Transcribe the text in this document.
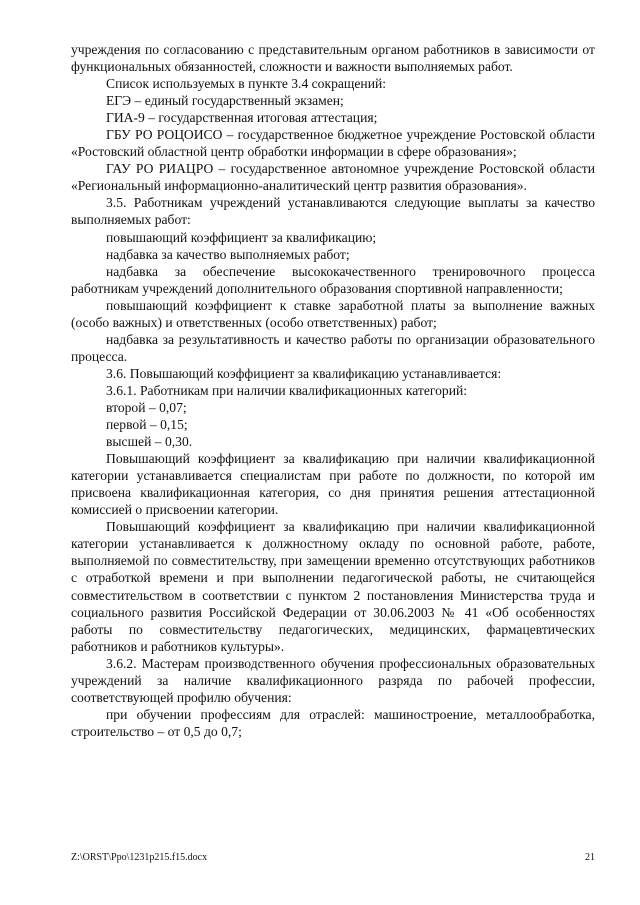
учреждения по согласованию с представительным органом работников в зависимости от функциональных обязанностей, сложности и важности выполняемых работ.

Список используемых в пункте 3.4 сокращений:

ЕГЭ – единый государственный экзамен;

ГИА-9 – государственная итоговая аттестация;

ГБУ РО РОЦОИСО – государственное бюджетное учреждение Ростовской области «Ростовский областной центр обработки информации в сфере образования»;

ГАУ РО РИАЦРО – государственное автономное учреждение Ростовской области «Региональный информационно-аналитический центр развития образования».

3.5. Работникам учреждений устанавливаются следующие выплаты за качество выполняемых работ:

повышающий коэффициент за квалификацию;

надбавка за качество выполняемых работ;

надбавка за обеспечение высококачественного тренировочного процесса работникам учреждений дополнительного образования спортивной направленности;

повышающий коэффициент к ставке заработной платы за выполнение важных (особо важных) и ответственных (особо ответственных) работ;

надбавка за результативность и качество работы по организации образовательного процесса.

3.6. Повышающий коэффициент за квалификацию устанавливается:

3.6.1. Работникам при наличии квалификационных категорий:

второй – 0,07;

первой – 0,15;

высшей – 0,30.

Повышающий коэффициент за квалификацию при наличии квалификационной категории устанавливается специалистам при работе по должности, по которой им присвоена квалификационная категория, со дня принятия решения аттестационной комиссией о присвоении категории.

Повышающий коэффициент за квалификацию при наличии квалификационной категории устанавливается к должностному окладу по основной работе, работе, выполняемой по совместительству, при замещении временно отсутствующих работников с отработкой времени и при выполнении педагогической работы, не считающейся совместительством в соответствии с пунктом 2 постановления Министерства труда и социального развития Российской Федерации от 30.06.2003 № 41 «Об особенностях работы по совместительству педагогических, медицинских, фармацевтических работников и работников культуры».

3.6.2. Мастерам производственного обучения профессиональных образовательных учреждений за наличие квалификационного разряда по рабочей профессии, соответствующей профилю обучения:

при обучении профессиям для отраслей: машиностроение, металлообработка, строительство – от 0,5 до 0,7;

Z:\ORST\Ppo\1231p215.f15.docx	21
